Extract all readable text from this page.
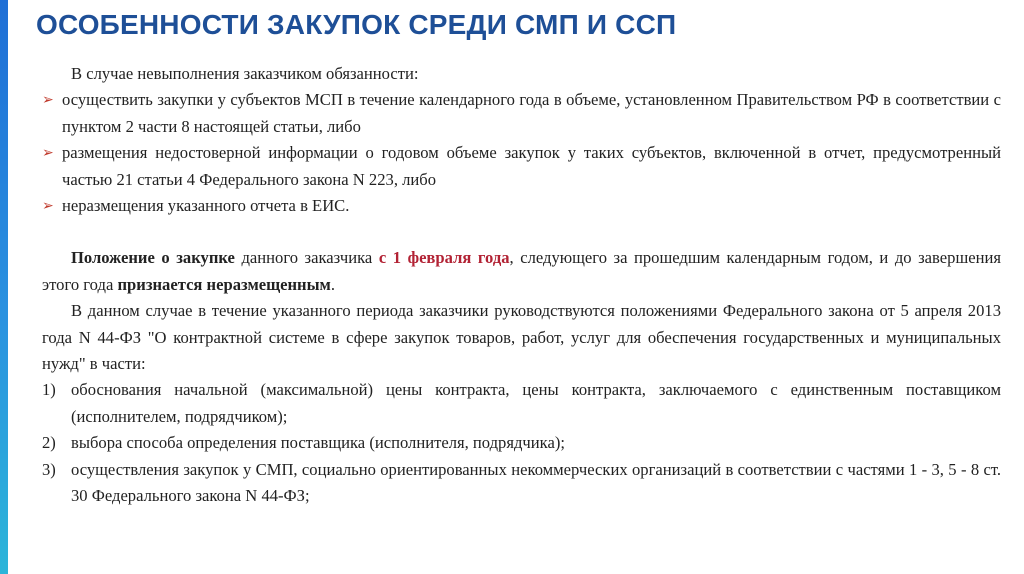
ОСОБЕННОСТИ ЗАКУПОК СРЕДИ СМП И ССП

В случае невыполнения заказчиком обязанности:

➢ осуществить закупки у субъектов МСП в течение календарного года в объеме, установленном Правительством РФ в соответствии с пунктом 2 части 8 настоящей статьи, либо
➢ размещения недостоверной информации о годовом объеме закупок у таких субъектов, включенной в отчет, предусмотренный частью 21 статьи 4 Федерального закона N 223, либо
➢ неразмещения указанного отчета в ЕИС.

Положение о закупке данного заказчика с 1 февраля года, следующего за прошедшим календарным годом, и до завершения этого года признается неразмещенным.

В данном случае в течение указанного периода заказчики руководствуются положениями Федерального закона от 5 апреля 2013 года N 44-ФЗ "О контрактной системе в сфере закупок товаров, работ, услуг для обеспечения государственных и муниципальных нужд" в части:

1) обоснования начальной (максимальной) цены контракта, цены контракта, заключаемого с единственным поставщиком (исполнителем, подрядчиком);
2) выбора способа определения поставщика (исполнителя, подрядчика);
3) осуществления закупок у СМП, социально ориентированных некоммерческих организаций в соответствии с частями 1 - 3, 5 - 8 ст. 30 Федерального закона N 44-ФЗ;
